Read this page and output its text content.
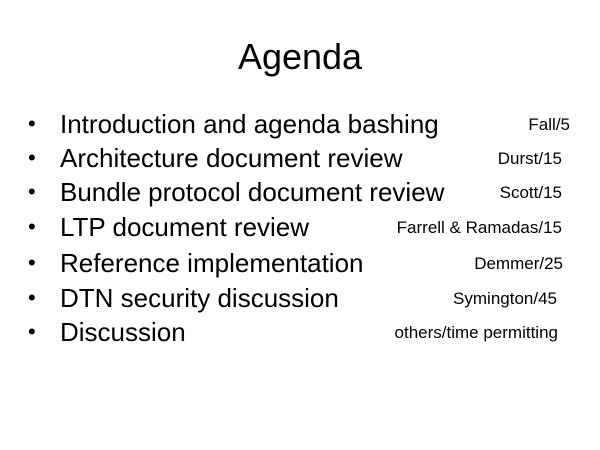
Agenda
• Introduction and agenda bashing	Fall/5
• Architecture document review	Durst/15
• Bundle protocol document review	Scott/15
• LTP document review	Farrell & Ramadas/15
• Reference implementation	Demmer/25
• DTN security discussion	Symington/45
• Discussion	others/time permitting
